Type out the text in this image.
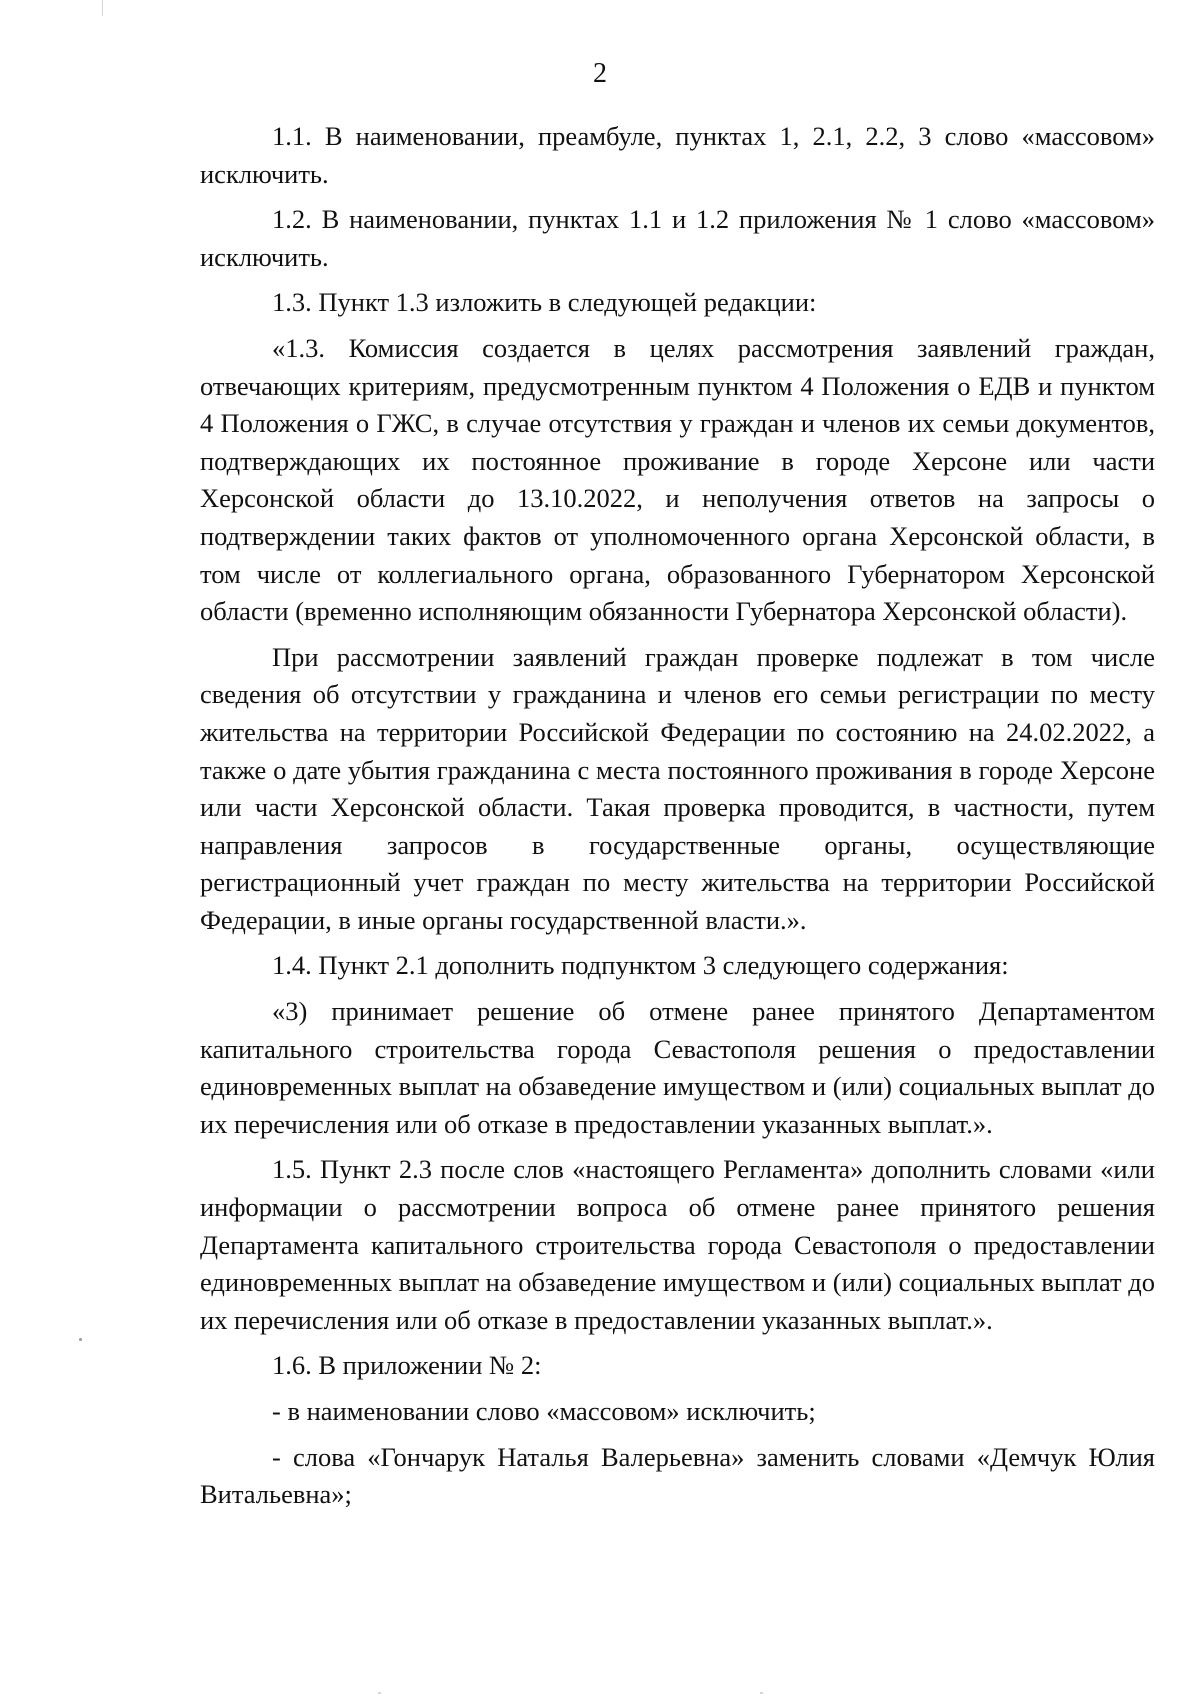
2

1.1. В наименовании, преамбуле, пунктах 1, 2.1, 2.2, 3 слово «массовом» исключить.

1.2. В наименовании, пунктах 1.1 и 1.2 приложения № 1 слово «массовом» исключить.

1.3. Пункт 1.3 изложить в следующей редакции:

«1.3. Комиссия создается в целях рассмотрения заявлений граждан, отвечающих критериям, предусмотренным пунктом 4 Положения о ЕДВ и пунктом 4 Положения о ГЖС, в случае отсутствия у граждан и членов их семьи документов, подтверждающих их постоянное проживание в городе Херсоне или части Херсонской области до 13.10.2022, и неполучения ответов на запросы о подтверждении таких фактов от уполномоченного органа Херсонской области, в том числе от коллегиального органа, образованного Губернатором Херсонской области (временно исполняющим обязанности Губернатора Херсонской области).

При рассмотрении заявлений граждан проверке подлежат в том числе сведения об отсутствии у гражданина и членов его семьи регистрации по месту жительства на территории Российской Федерации по состоянию на 24.02.2022, а также о дате убытия гражданина с места постоянного проживания в городе Херсоне или части Херсонской области. Такая проверка проводится, в частности, путем направления запросов в государственные органы, осуществляющие регистрационный учет граждан по месту жительства на территории Российской Федерации, в иные органы государственной власти.».

1.4. Пункт 2.1 дополнить подпунктом 3 следующего содержания:

«3) принимает решение об отмене ранее принятого Департаментом капитального строительства города Севастополя решения о предоставлении единовременных выплат на обзаведение имуществом и (или) социальных выплат до их перечисления или об отказе в предоставлении указанных выплат.».

1.5. Пункт 2.3 после слов «настоящего Регламента» дополнить словами «или информации о рассмотрении вопроса об отмене ранее принятого решения Департамента капитального строительства города Севастополя о предоставлении единовременных выплат на обзаведение имуществом и (или) социальных выплат до их перечисления или об отказе в предоставлении указанных выплат.».

1.6. В приложении № 2:

- в наименовании слово «массовом» исключить;

- слова «Гончарук Наталья Валерьевна» заменить словами «Демчук Юлия Витальевна»;
